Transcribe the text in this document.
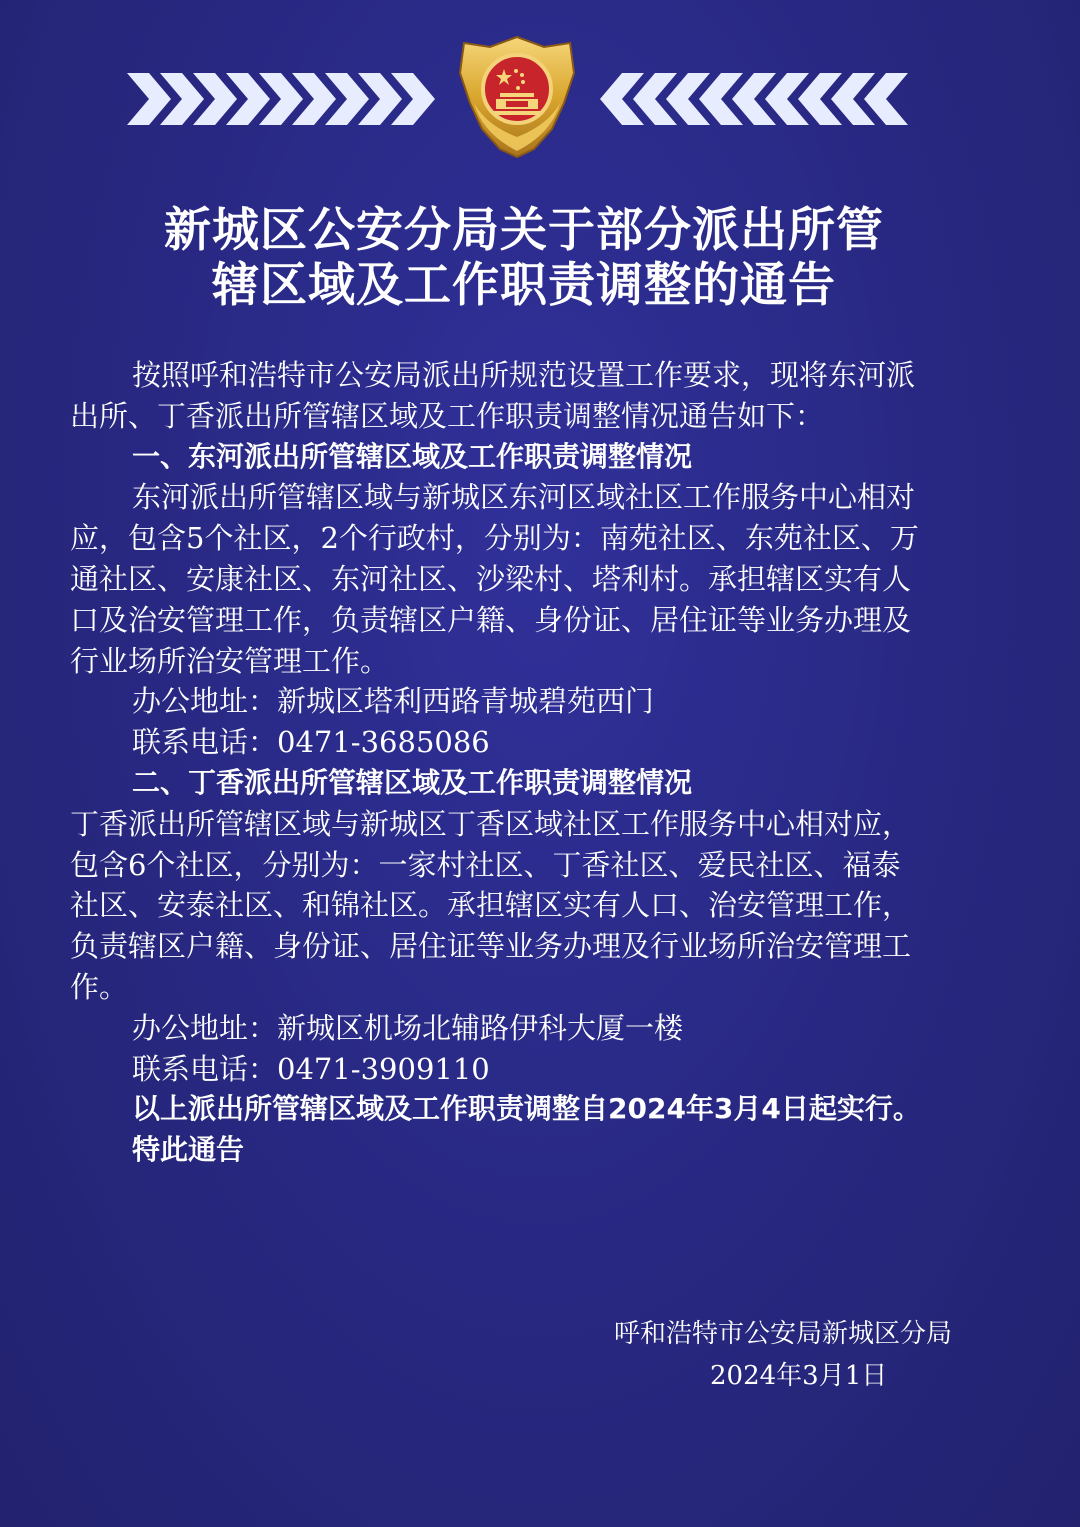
新城区公安分局关于部分派出所管
辖区域及工作职责调整的通告

按照呼和浩特市公安局派出所规范设置工作要求，现将东河派

出所、丁香派出所管辖区域及工作职责调整情况通告如下：

一、东河派出所管辖区域及工作职责调整情况

东河派出所管辖区域与新城区东河区域社区工作服务中心相对

应，包含5个社区，2个行政村，分别为：南苑社区、东苑社区、万

通社区、安康社区、东河社区、沙梁村、塔利村。承担辖区实有人

口及治安管理工作，负责辖区户籍、身份证、居住证等业务办理及

行业场所治安管理工作。

办公地址：新城区塔利西路青城碧苑西门

联系电话：0471-3685086

二、丁香派出所管辖区域及工作职责调整情况

丁香派出所管辖区域与新城区丁香区域社区工作服务中心相对应，

包含6个社区，分别为：一家村社区、丁香社区、爱民社区、福泰

社区、安泰社区、和锦社区。承担辖区实有人口、治安管理工作，

负责辖区户籍、身份证、居住证等业务办理及行业场所治安管理工

作。

办公地址：新城区机场北辅路伊科大厦一楼

联系电话：0471-3909110

以上派出所管辖区域及工作职责调整自2024年3月4日起实行。

特此通告

呼和浩特市公安局新城区分局
2024年3月1日
